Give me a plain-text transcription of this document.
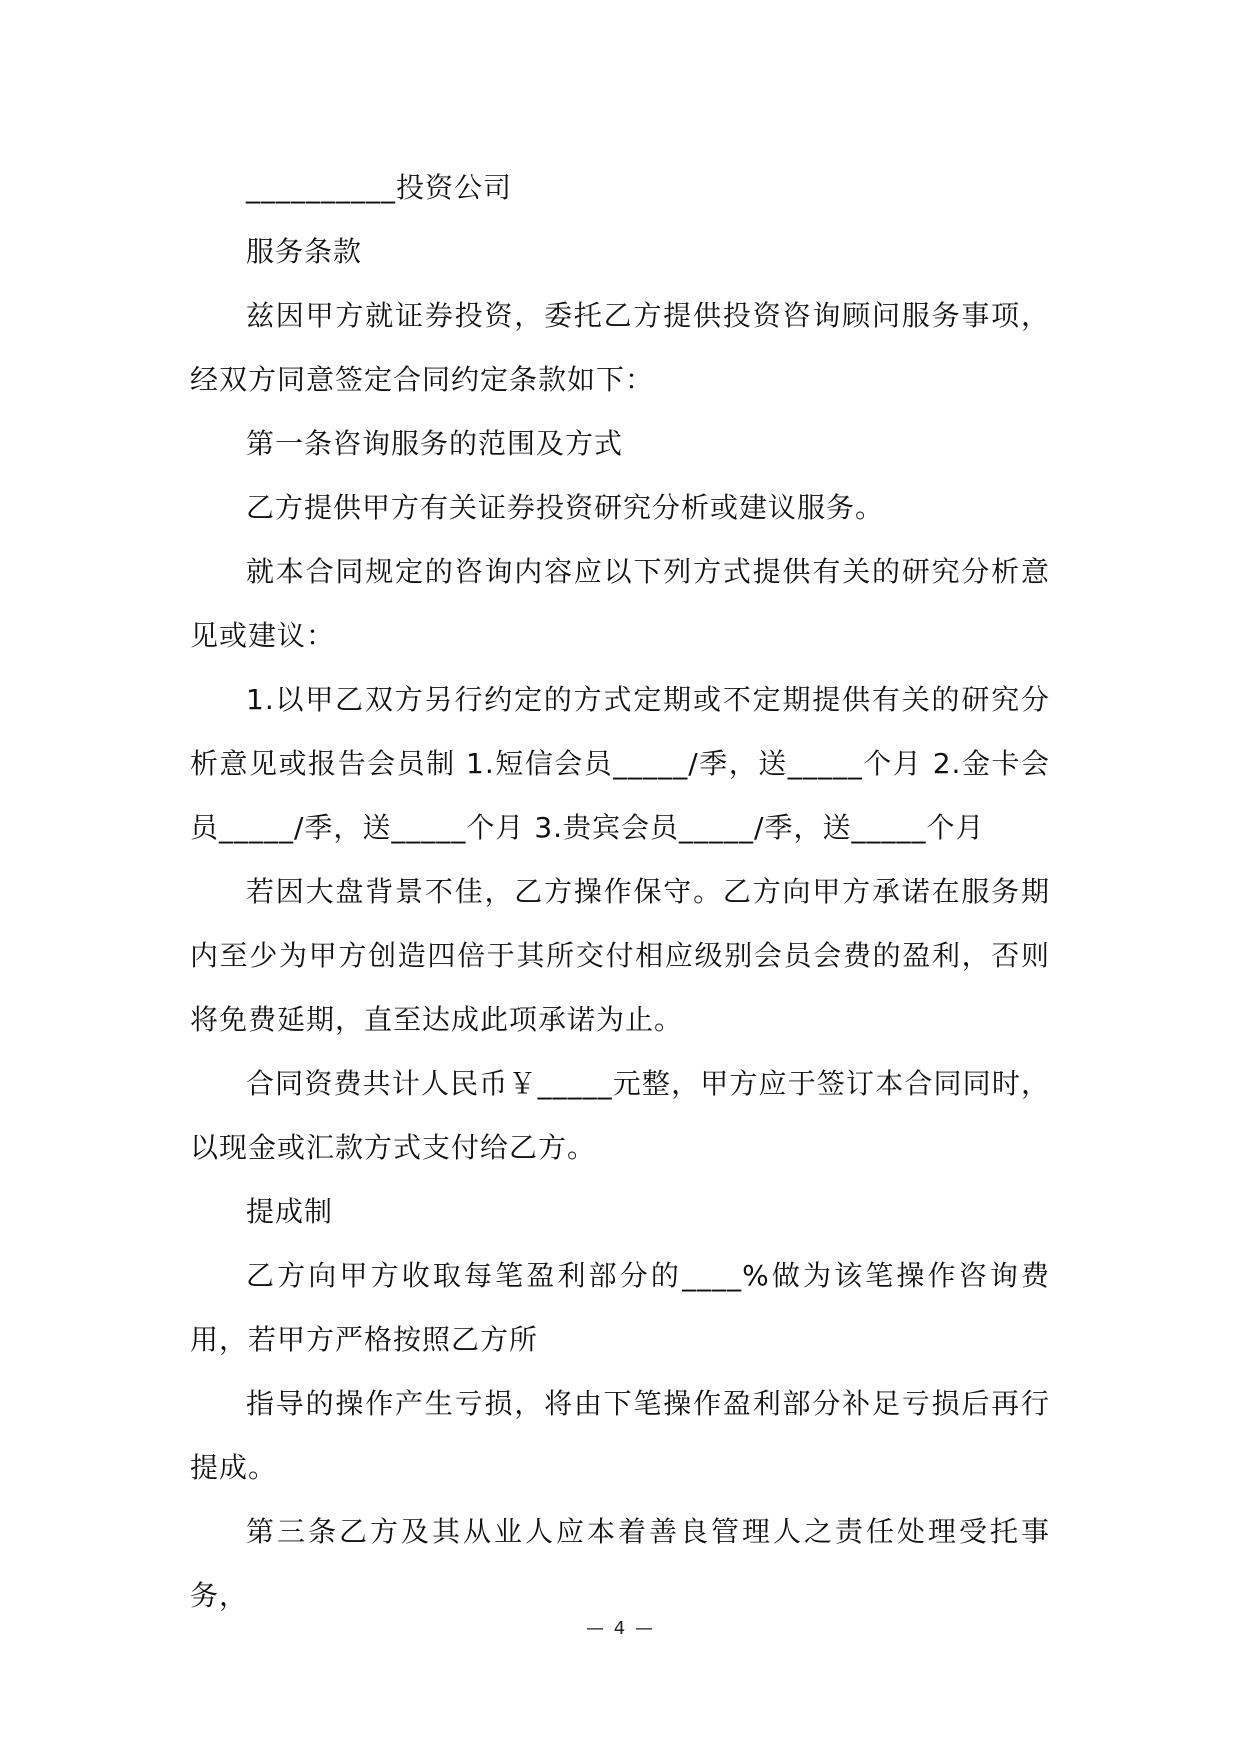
__________投资公司

服务条款

兹因甲方就证券投资，委托乙方提供投资咨询顾问服务事项，经双方同意签定合同约定条款如下：

第一条咨询服务的范围及方式

乙方提供甲方有关证券投资研究分析或建议服务。

就本合同规定的咨询内容应以下列方式提供有关的研究分析意见或建议：

1.以甲乙双方另行约定的方式定期或不定期提供有关的研究分析意见或报告会员制 1.短信会员_____/季，送_____个月 2.金卡会员_____/季，送_____个月 3.贵宾会员_____/季，送_____个月

若因大盘背景不佳，乙方操作保守。乙方向甲方承诺在服务期内至少为甲方创造四倍于其所交付相应级别会员会费的盈利，否则将免费延期，直至达成此项承诺为止。

合同资费共计人民币￥_____元整，甲方应于签订本合同同时，以现金或汇款方式支付给乙方。

提成制

乙方向甲方收取每笔盈利部分的____%做为该笔操作咨询费用，若甲方严格按照乙方所

指导的操作产生亏损，将由下笔操作盈利部分补足亏损后再行提成。

第三条乙方及其从业人应本着善良管理人之责任处理受托事务，

— 4 —
